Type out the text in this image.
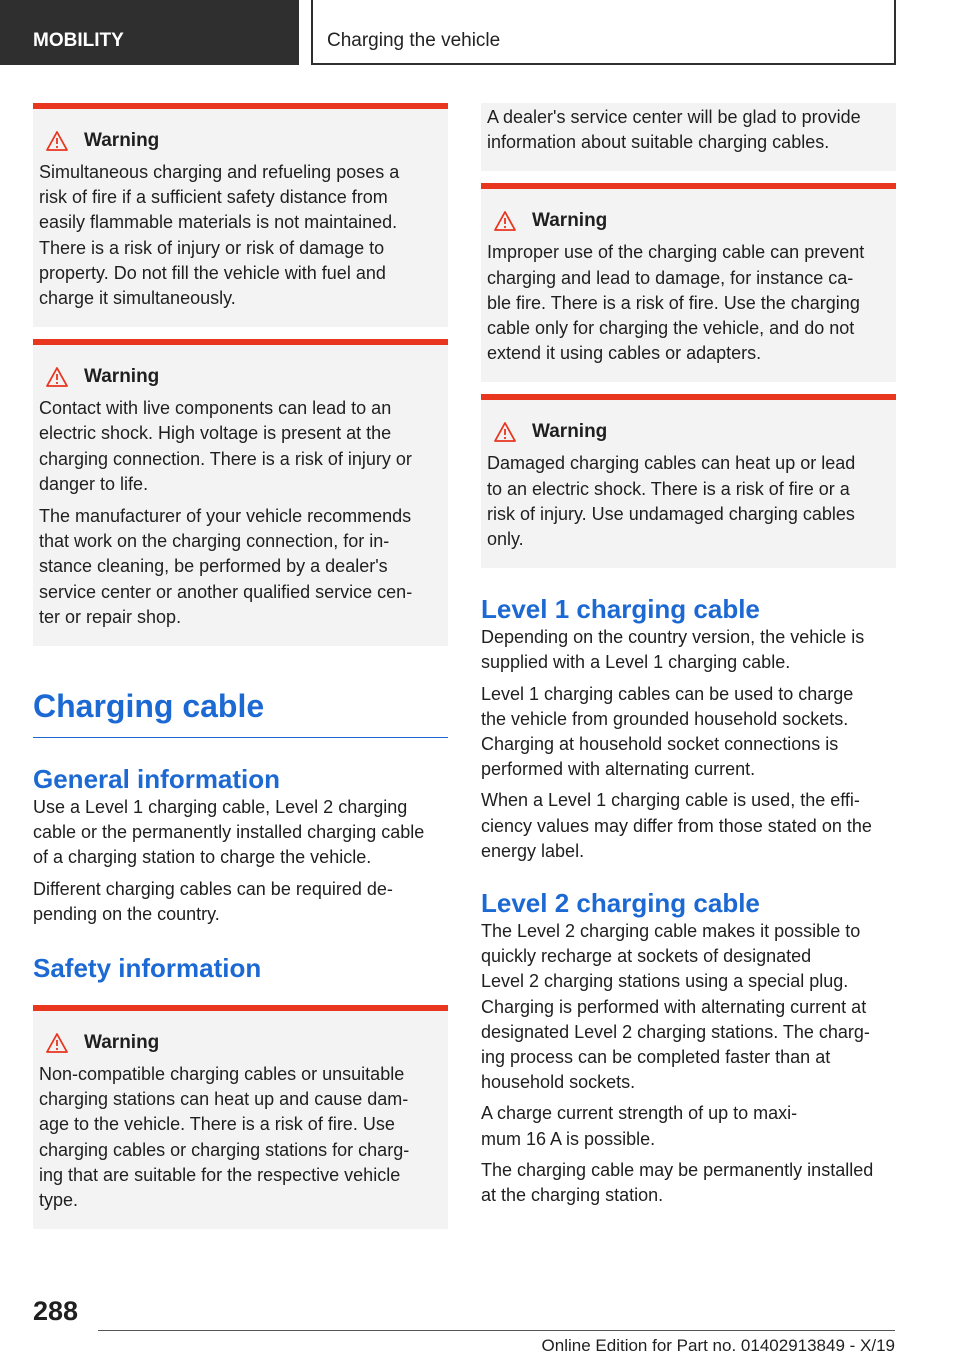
MOBILITY	Charging the vehicle
Warning

Simultaneous charging and refueling poses a
risk of fire if a sufficient safety distance from
easily flammable materials is not maintained.
There is a risk of injury or risk of damage to
property. Do not fill the vehicle with fuel and
charge it simultaneously.

Warning

Contact with live components can lead to an
electric shock. High voltage is present at the
charging connection. There is a risk of injury or
danger to life.

The manufacturer of your vehicle recommends
that work on the charging connection, for in‐
stance cleaning, be performed by a dealer's
service center or another qualified service cen‐
ter or repair shop.

Charging cable
General information

Use a Level 1 charging cable, Level 2 charging
cable or the permanently installed charging cable
of a charging station to charge the vehicle.

Different charging cables can be required de‐
pending on the country.

Safety information
Warning

Non-compatible charging cables or unsuitable
charging stations can heat up and cause dam‐
age to the vehicle. There is a risk of fire. Use
charging cables or charging stations for charg‐
ing that are suitable for the respective vehicle
type.

A dealer's service center will be glad to provide
information about suitable charging cables.

Warning

Improper use of the charging cable can prevent
charging and lead to damage, for instance ca‐
ble fire. There is a risk of fire. Use the charging
cable only for charging the vehicle, and do not
extend it using cables or adapters.

Warning

Damaged charging cables can heat up or lead
to an electric shock. There is a risk of fire or a
risk of injury. Use undamaged charging cables
only.

Level 1 charging cable

Depending on the country version, the vehicle is
supplied with a Level 1 charging cable.

Level 1 charging cables can be used to charge
the vehicle from grounded household sockets.
Charging at household socket connections is
performed with alternating current.

When a Level 1 charging cable is used, the effi‐
ciency values may differ from those stated on the
energy label.

Level 2 charging cable

The Level 2 charging cable makes it possible to
quickly recharge at sockets of designated
Level 2 charging stations using a special plug.
Charging is performed with alternating current at
designated Level 2 charging stations. The charg‐
ing process can be completed faster than at
household sockets.

A charge current strength of up to maxi‐
mum 16 A is possible.

The charging cable may be permanently installed
at the charging station.

288
Online Edition for Part no. 01402913849 - X/19
